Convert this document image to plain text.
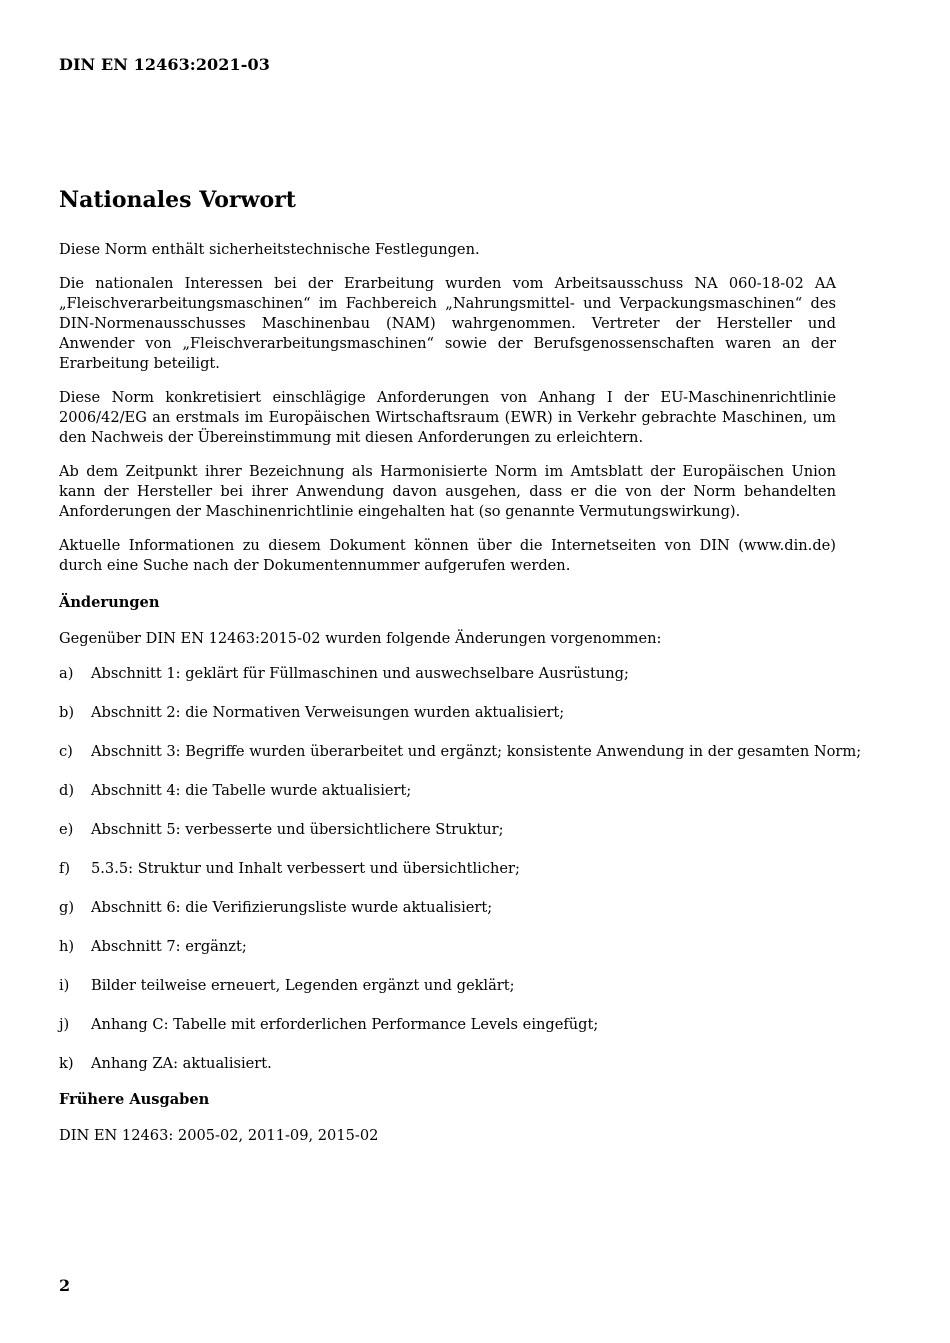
DIN EN 12463:2021-03
Nationales Vorwort

Diese Norm enthält sicherheitstechnische Festlegungen.

Die nationalen Interessen bei der Erarbeitung wurden vom Arbeitsausschuss NA 060-18-02 AA „Fleischverarbeitungsmaschinen“ im Fachbereich „Nahrungsmittel- und Verpackungsmaschinen“ des DIN-Normenausschusses Maschinenbau (NAM) wahrgenommen. Vertreter der Hersteller und Anwender von „Fleischverarbeitungsmaschinen“ sowie der Berufsgenossenschaften waren an der Erarbeitung beteiligt.

Diese Norm konkretisiert einschlägige Anforderungen von Anhang I der EU-Maschinenrichtlinie 2006/42/EG an erstmals im Europäischen Wirtschaftsraum (EWR) in Verkehr gebrachte Maschinen, um den Nachweis der Übereinstimmung mit diesen Anforderungen zu erleichtern.

Ab dem Zeitpunkt ihrer Bezeichnung als Harmonisierte Norm im Amtsblatt der Europäischen Union kann der Hersteller bei ihrer Anwendung davon ausgehen, dass er die von der Norm behandelten Anforderungen der Maschinenrichtlinie eingehalten hat (so genannte Vermutungswirkung).

Aktuelle Informationen zu diesem Dokument können über die Internetseiten von DIN (www.din.de) durch eine Suche nach der Dokumentennummer aufgerufen werden.

Änderungen
Gegenüber DIN EN 12463:2015-02 wurden folgende Änderungen vorgenommen:
a)	Abschnitt 1: geklärt für Füllmaschinen und auswechselbare Ausrüstung;
b)	Abschnitt 2: die Normativen Verweisungen wurden aktualisiert;
c)	Abschnitt 3: Begriffe wurden überarbeitet und ergänzt; konsistente Anwendung in der gesamten Norm;
d)	Abschnitt 4: die Tabelle wurde aktualisiert;
e)	Abschnitt 5: verbesserte und übersichtlichere Struktur;
f)	5.3.5: Struktur und Inhalt verbessert und übersichtlicher;
g)	Abschnitt 6: die Verifizierungsliste wurde aktualisiert;
h)	Abschnitt 7: ergänzt;
i)	Bilder teilweise erneuert, Legenden ergänzt und geklärt;
j)	Anhang C: Tabelle mit erforderlichen Performance Levels eingefügt;
k)	Anhang ZA: aktualisiert.
Frühere Ausgaben
DIN EN 12463: 2005-02, 2011-09, 2015-02
2
